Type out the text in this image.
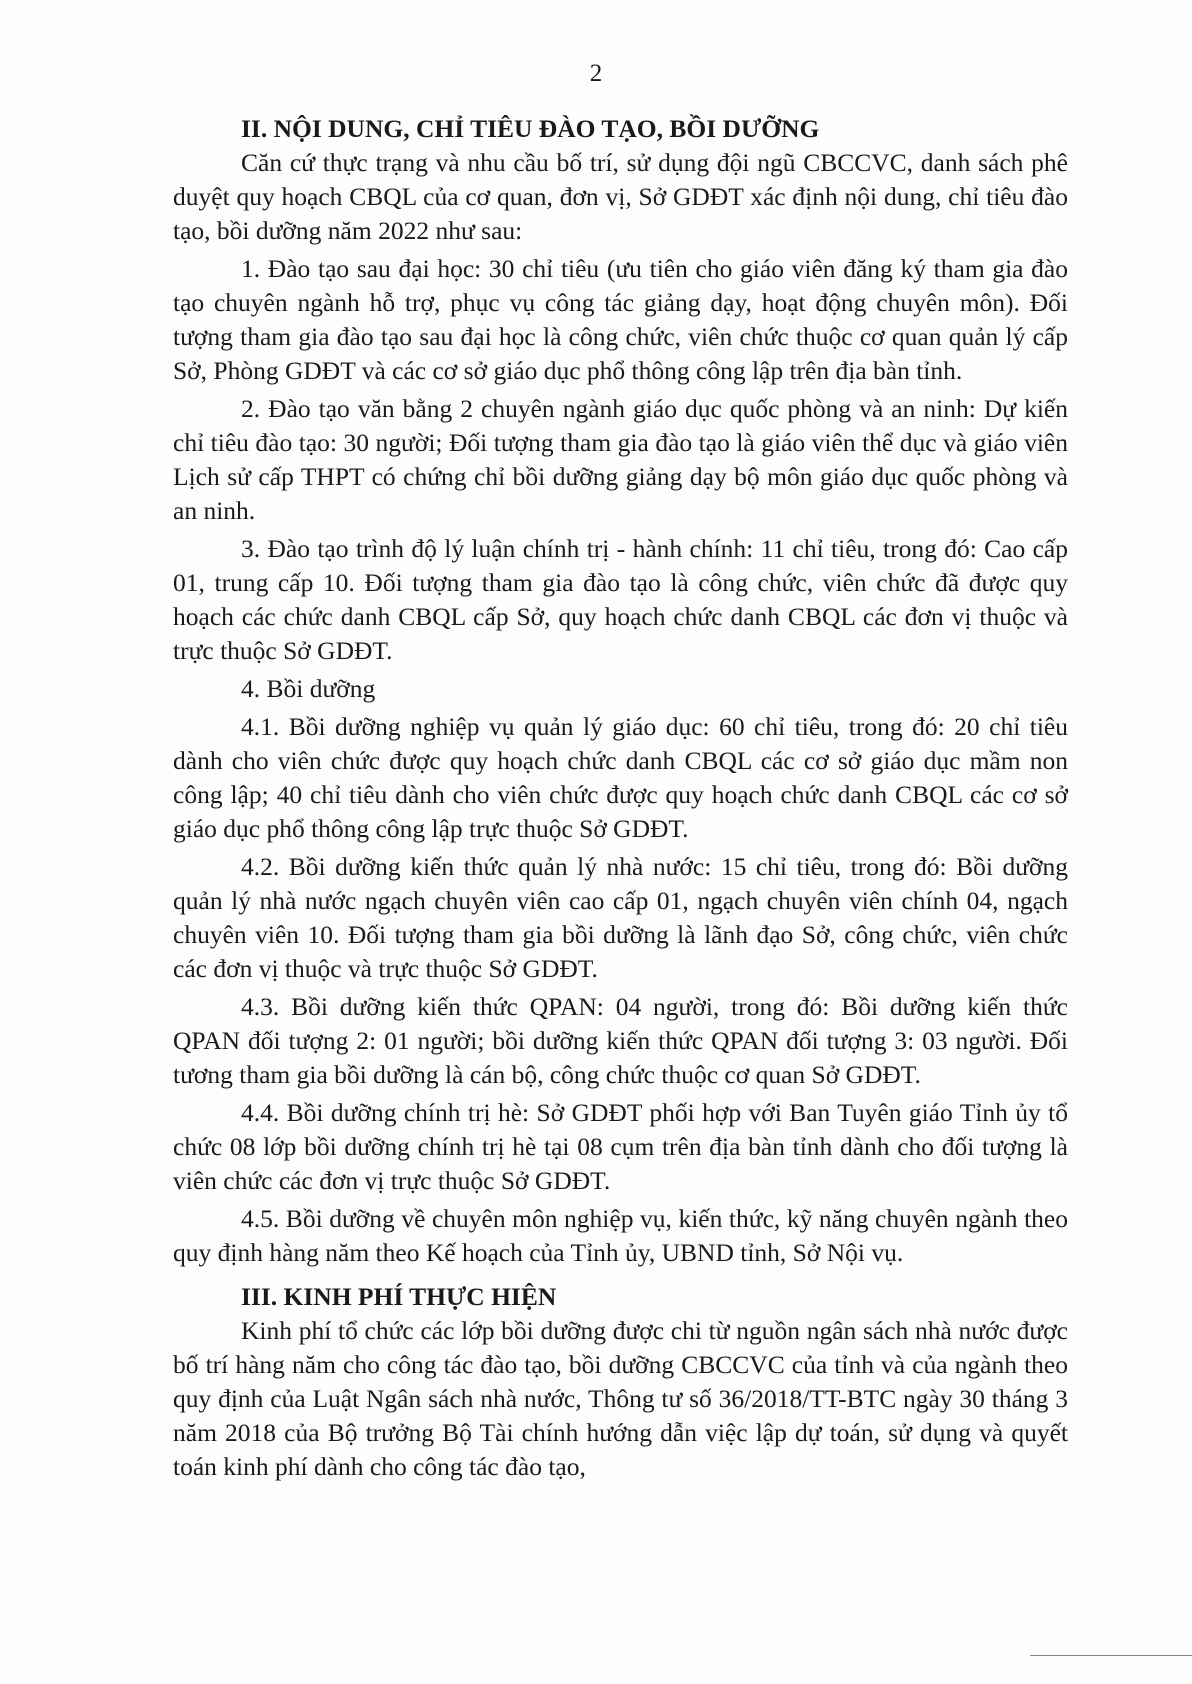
2
II. NỘI DUNG, CHỈ TIÊU ĐÀO TẠO, BỒI DƯỠNG

Căn cứ thực trạng và nhu cầu bố trí, sử dụng đội ngũ CBCCVC, danh sách phê duyệt quy hoạch CBQL của cơ quan, đơn vị, Sở GDĐT xác định nội dung, chỉ tiêu đào tạo, bồi dưỡng năm 2022 như sau:

1. Đào tạo sau đại học: 30 chỉ tiêu (ưu tiên cho giáo viên đăng ký tham gia đào tạo chuyên ngành hỗ trợ, phục vụ công tác giảng dạy, hoạt động chuyên môn). Đối tượng tham gia đào tạo sau đại học là công chức, viên chức thuộc cơ quan quản lý cấp Sở, Phòng GDĐT và các cơ sở giáo dục phổ thông công lập trên địa bàn tỉnh.

2. Đào tạo văn bằng 2 chuyên ngành giáo dục quốc phòng và an ninh: Dự kiến chỉ tiêu đào tạo: 30 người; Đối tượng tham gia đào tạo là giáo viên thể dục và giáo viên Lịch sử cấp THPT có chứng chỉ bồi dưỡng giảng dạy bộ môn giáo dục quốc phòng và an ninh.

3. Đào tạo trình độ lý luận chính trị - hành chính: 11 chỉ tiêu, trong đó: Cao cấp 01, trung cấp 10. Đối tượng tham gia đào tạo là công chức, viên chức đã được quy hoạch các chức danh CBQL cấp Sở, quy hoạch chức danh CBQL các đơn vị thuộc và trực thuộc Sở GDĐT.

4. Bồi dưỡng

4.1. Bồi dưỡng nghiệp vụ quản lý giáo dục: 60 chỉ tiêu, trong đó: 20 chỉ tiêu dành cho viên chức được quy hoạch chức danh CBQL các cơ sở giáo dục mầm non công lập; 40 chỉ tiêu dành cho viên chức được quy hoạch chức danh CBQL các cơ sở giáo dục phổ thông công lập trực thuộc Sở GDĐT.

4.2. Bồi dưỡng kiến thức quản lý nhà nước: 15 chỉ tiêu, trong đó: Bồi dưỡng quản lý nhà nước ngạch chuyên viên cao cấp 01, ngạch chuyên viên chính 04, ngạch chuyên viên 10. Đối tượng tham gia bồi dưỡng là lãnh đạo Sở, công chức, viên chức các đơn vị thuộc và trực thuộc Sở GDĐT.

4.3. Bồi dưỡng kiến thức QPAN: 04 người, trong đó: Bồi dưỡng kiến thức QPAN đối tượng 2: 01 người; bồi dưỡng kiến thức QPAN đối tượng 3: 03 người. Đối tương tham gia bồi dưỡng là cán bộ, công chức thuộc cơ quan Sở GDĐT.

4.4. Bồi dưỡng chính trị hè: Sở GDĐT phối hợp với Ban Tuyên giáo Tỉnh ủy tổ chức 08 lớp bồi dưỡng chính trị hè tại 08 cụm trên địa bàn tỉnh dành cho đối tượng là viên chức các đơn vị trực thuộc Sở GDĐT.

4.5. Bồi dưỡng về chuyên môn nghiệp vụ, kiến thức, kỹ năng chuyên ngành theo quy định hàng năm theo Kế hoạch của Tỉnh ủy, UBND tỉnh, Sở Nội vụ.

III. KINH PHÍ THỰC HIỆN

Kinh phí tổ chức các lớp bồi dưỡng được chi từ nguồn ngân sách nhà nước được bố trí hàng năm cho công tác đào tạo, bồi dưỡng CBCCVC của tỉnh và của ngành theo quy định của Luật Ngân sách nhà nước, Thông tư số 36/2018/TT-BTC ngày 30 tháng 3 năm 2018 của Bộ trưởng Bộ Tài chính hướng dẫn việc lập dự toán, sử dụng và quyết toán kinh phí dành cho công tác đào tạo,
